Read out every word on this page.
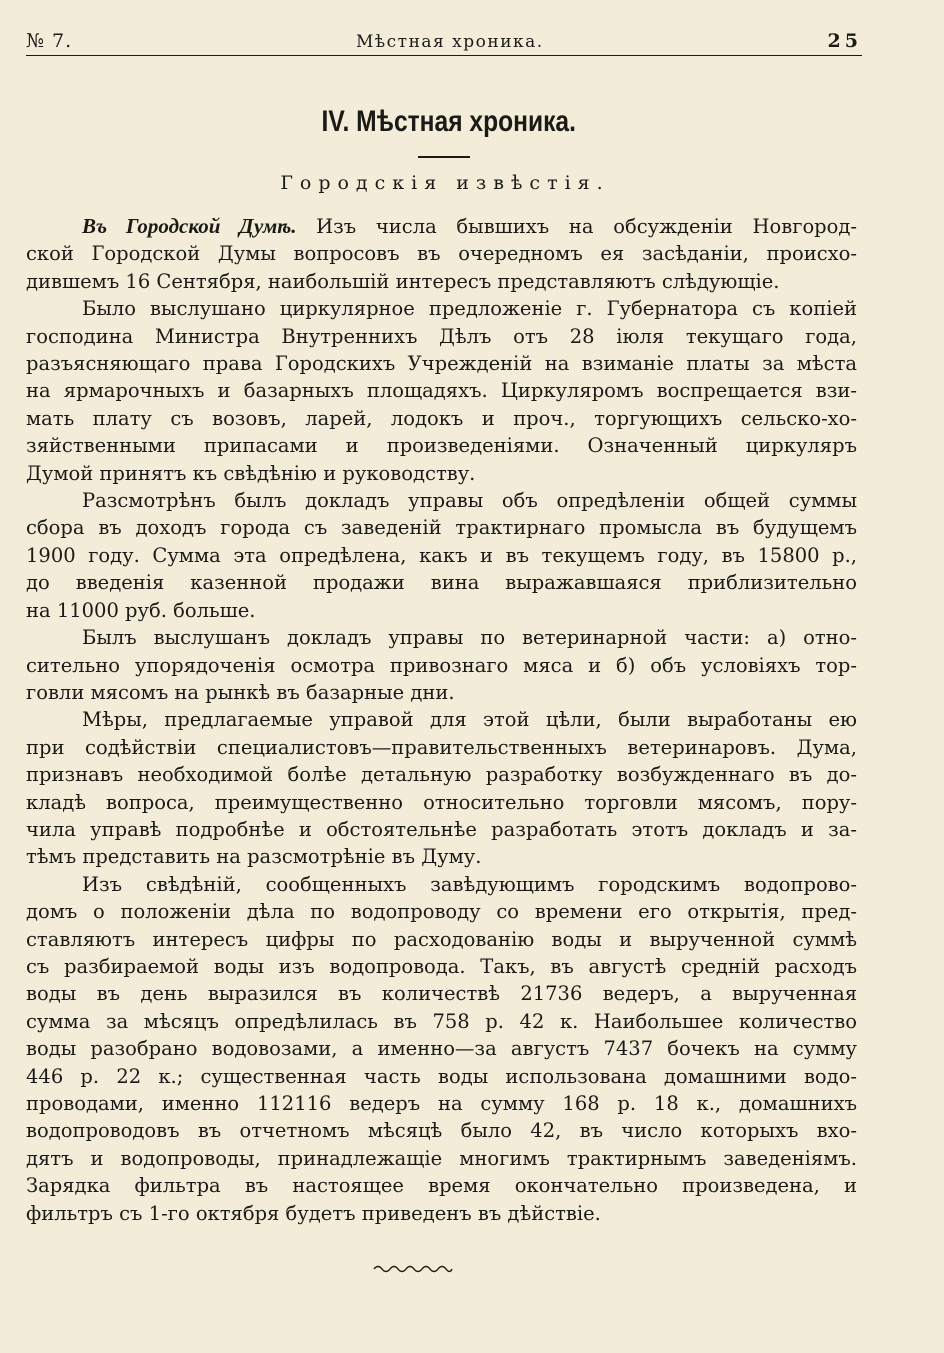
№ 7.	Мѣстная хроника.	25
IV. Мѣстная хроника.
Городскія извѣстія.
Въ Городской Думѣ. Изъ числа бывшихъ на обсужденіи Новгород-
ской Городской Думы вопросовъ въ очередномъ ея засѣданіи, происхо-
дившемъ 16 Сентября, наибольшій интересъ представляютъ слѣдующіе.
Было выслушано циркулярное предложеніе г. Губернатора съ копіей
господина Министра Внутреннихъ Дѣлъ отъ 28 іюля текущаго года,
разъясняющаго права Городскихъ Учрежденій на взиманіе платы за мѣста
на ярмарочныхъ и базарныхъ площадяхъ. Циркуляромъ воспрещается взи-
мать плату съ возовъ, ларей, лодокъ и проч., торгующихъ сельско-хо-
зяйственными припасами и произведеніями. Означенный циркуляръ
Думой принятъ къ свѣдѣнію и руководству.
Разсмотрѣнъ былъ докладъ управы объ опредѣленіи общей суммы
сбора въ доходъ города съ заведеній трактирнаго промысла въ будущемъ
1900 году. Сумма эта опредѣлена, какъ и въ текущемъ году, въ 15800 р.,
до введенія казенной продажи вина выражавшаяся приблизительно
на 11000 руб. больше.
Былъ выслушанъ докладъ управы по ветеринарной части: а) отно-
сительно упорядоченія осмотра привознаго мяса и б) объ условіяхъ тор-
говли мясомъ на рынкѣ въ базарные дни.
Мѣры, предлагаемые управой для этой цѣли, были выработаны ею
при содѣйствіи специалистовъ—правительственныхъ ветеринаровъ. Дума,
признавъ необходимой болѣе детальную разработку возбужденнаго въ до-
кладѣ вопроса, преимущественно относительно торговли мясомъ, пору-
чила управѣ подробнѣе и обстоятельнѣе разработать этотъ докладъ и за-
тѣмъ представить на разсмотрѣніе въ Думу.
Изъ свѣдѣній, сообщенныхъ завѣдующимъ городскимъ водопрово-
домъ о положеніи дѣла по водопроводу со времени его открытія, пред-
ставляютъ интересъ цифры по расходованію воды и вырученной суммѣ
съ разбираемой воды изъ водопровода. Такъ, въ августѣ средній расходъ
воды въ день выразился въ количествѣ 21736 ведеръ, а вырученная
сумма за мѣсяцъ опредѣлилась въ 758 р. 42 к. Наибольшее количество
воды разобрано водовозами, а именно—за августъ 7437 бочекъ на сумму
446 р. 22 к.; существенная часть воды использована домашними водо-
проводами, именно 112116 ведеръ на сумму 168 р. 18 к., домашнихъ
водопроводовъ въ отчетномъ мѣсяцѣ было 42, въ число которыхъ вхо-
дятъ и водопроводы, принадлежащіе многимъ трактирнымъ заведеніямъ.
Зарядка фильтра въ настоящее время окончательно произведена, и
фильтръ съ 1-го октября будетъ приведенъ въ дѣйствіе.
